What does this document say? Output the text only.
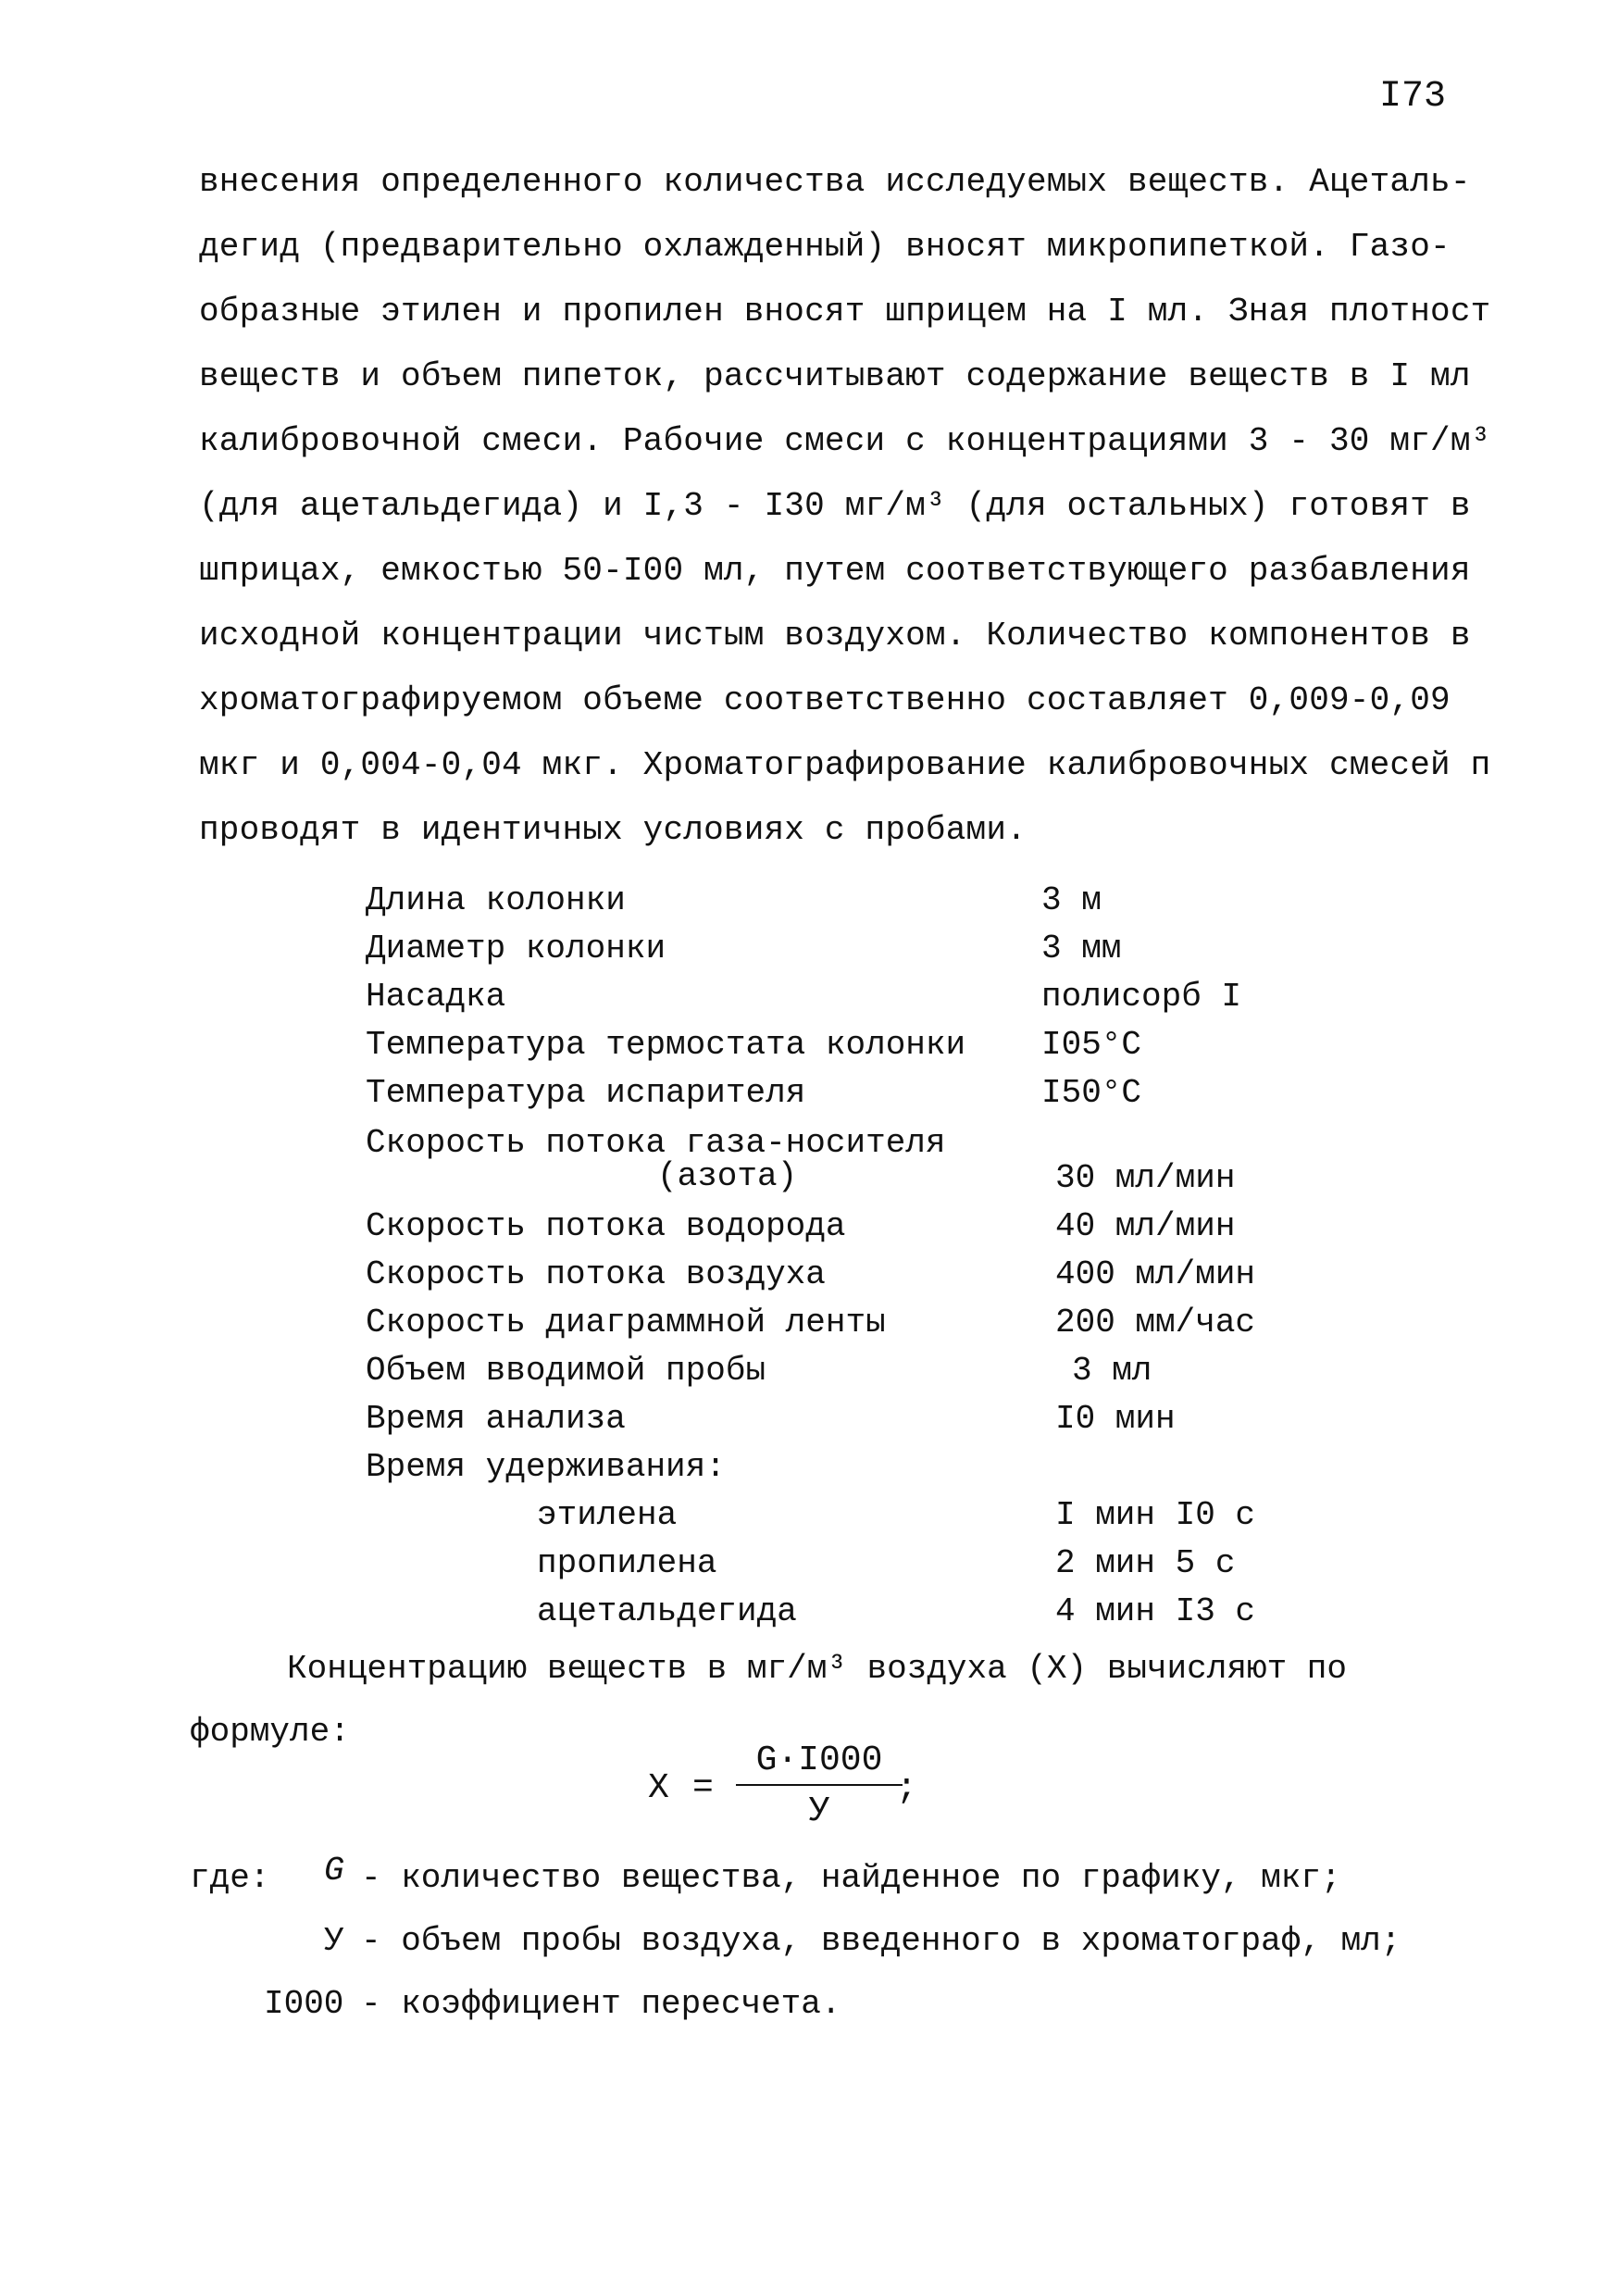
I73
внесения определенного количества исследуемых веществ. Ацеталь-
дегид (предварительно охлажденный) вносят микропипеткой. Газо-
образные этилен и пропилен вносят шприцем на I мл. Зная плотност
веществ и объем пипеток, рассчитывают содержание веществ в I мл
калибровочной смеси. Рабочие смеси с концентрациями 3 - 30 мг/м³
(для ацетальдегида) и I,3 - I30 мг/м³ (для остальных) готовят в
шприцах, емкостью 50-I00 мл, путем соответствующего разбавления
исходной концентрации чистым воздухом. Количество компонентов в
хроматографируемом объеме соответственно составляет 0,009-0,09
мкг и 0,004-0,04 мкг. Хроматографирование калибровочных смесей п
проводят в идентичных условиях с пробами.
Длина колонки	3 м
Диаметр колонки	3 мм
Насадка	полисорб I
Температура термостата колонки I05°С
Температура испарителя	I50°С
Скорость потока газа-носителя
(азота)	30 мл/мин
Скорость потока водорода	40 мл/мин
Скорость потока воздуха	400 мл/мин
Скорость диаграммной ленты	200 мм/час
Объем вводимой пробы	3 мл
Время анализа	I0 мин
Время удерживания:
этилена	I мин I0 с
пропилена	2 мин 5 с
ацетальдегида	4 мин I3 с
Концентрацию веществ в мг/м³ воздуха (X) вычисляют по
формуле:
X =
G·I000
У
;
где: G - количество вещества, найденное по графику, мкг;
У - объем пробы воздуха, введенного в хроматограф, мл;
I000 - коэффициент пересчета.
